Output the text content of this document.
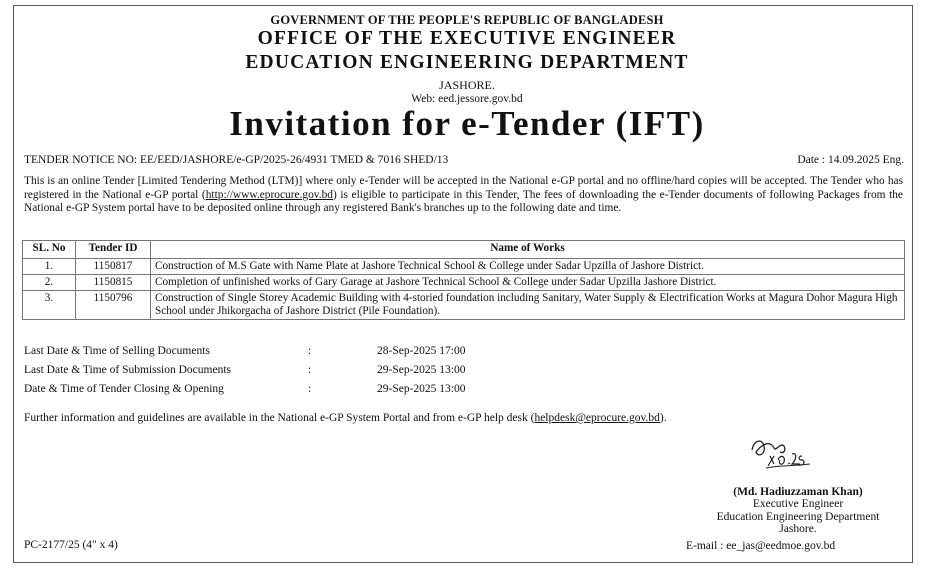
GOVERNMENT OF THE PEOPLE'S REPUBLIC OF BANGLADESH
OFFICE OF THE EXECUTIVE ENGINEER
EDUCATION ENGINEERING DEPARTMENT
JASHORE.
Web: eed.jessore.gov.bd
Invitation for e-Tender (IFT)
TENDER NOTICE NO: EE/EED/JASHORE/e-GP/2025-26/4931 TMED & 7016 SHED/13	Date : 14.09.2025 Eng.
This is an online Tender [Limited Tendering Method (LTM)] where only e-Tender will be accepted in the National e-GP portal and no offline/hard copies will be accepted. The Tender who has registered in the National e-GP portal (http://www.eprocure.gov.bd) is eligible to participate in this Tender, The fees of downloading the e-Tender documents of following Packages from the National e-GP System portal have to be deposited online through any registered Bank's branches up to the following date and time.
SL. No	Tender ID	Name of Works
1.	1150817	Construction of M.S Gate with Name Plate at Jashore Technical School & College under Sadar Upzilla of Jashore District.
2.	1150815	Completion of unfinished works of Gary Garage at Jashore Technical School & College under Sadar Upzilla Jashore District.
3.	1150796	Construction of Single Storey Academic Building with 4-storied foundation including Sanitary, Water Supply & Electrification Works at Magura Dohor Magura High School under Jhikorgacha of Jashore District (Pile Foundation).
Last Date & Time of Selling Documents	:	28-Sep-2025 17:00
Last Date & Time of Submission Documents	:	29-Sep-2025 13:00
Date & Time of Tender Closing & Opening	:	29-Sep-2025 13:00
Further information and guidelines are available in the National e-GP System Portal and from e-GP help desk (helpdesk@eprocure.gov.bd).
(Md. Hadiuzzaman Khan)
Executive Engineer
Education Engineering Department
Jashore.
E-mail : ee_jas@eedmoe.gov.bd
PC-2177/25 (4" x 4)
